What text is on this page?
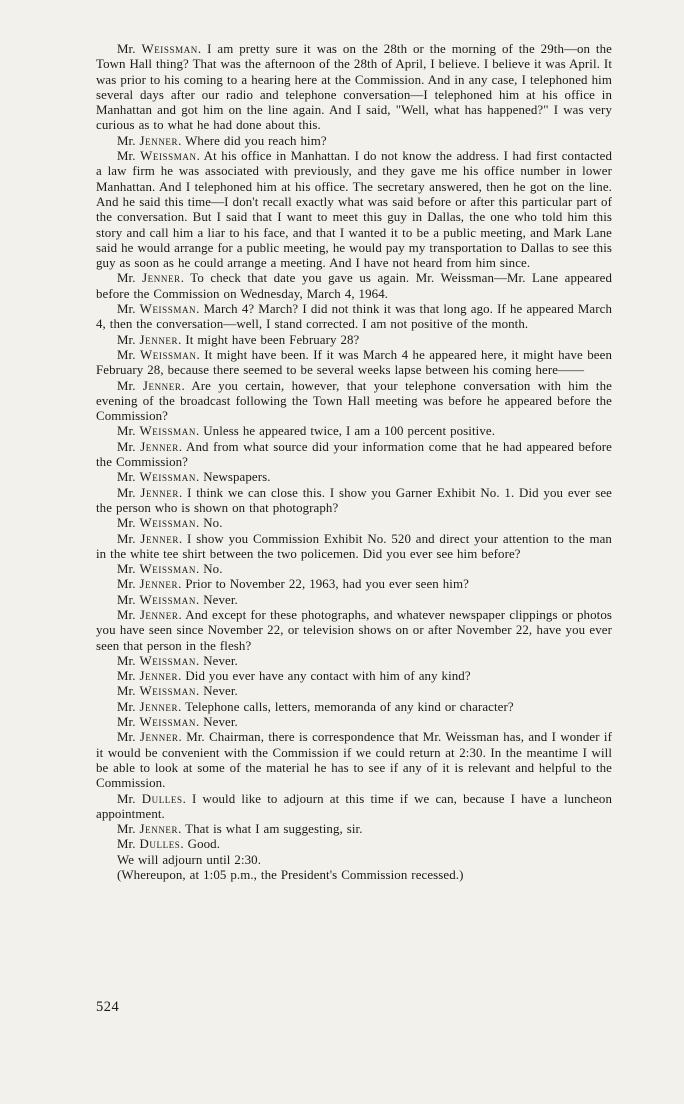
Mr. Weissman. I am pretty sure it was on the 28th or the morning of the 29th—on the Town Hall thing? That was the afternoon of the 28th of April, I believe. I believe it was April. It was prior to his coming to a hearing here at the Commission. And in any case, I telephoned him several days after our radio and telephone conversation—I telephoned him at his office in Manhattan and got him on the line again. And I said, "Well, what has happened?" I was very curious as to what he had done about this.

Mr. Jenner. Where did you reach him?

Mr. Weissman. At his office in Manhattan. I do not know the address. I had first contacted a law firm he was associated with previously, and they gave me his office number in lower Manhattan. And I telephoned him at his office. The secretary answered, then he got on the line. And he said this time—I don't recall exactly what was said before or after this particular part of the conversation. But I said that I want to meet this guy in Dallas, the one who told him this story and call him a liar to his face, and that I wanted it to be a public meeting, and Mark Lane said he would arrange for a public meeting, he would pay my transportation to Dallas to see this guy as soon as he could arrange a meeting. And I have not heard from him since.

Mr. Jenner. To check that date you gave us again. Mr. Weissman—Mr. Lane appeared before the Commission on Wednesday, March 4, 1964.

Mr. Weissman. March 4? March? I did not think it was that long ago. If he appeared March 4, then the conversation—well, I stand corrected. I am not positive of the month.

Mr. Jenner. It might have been February 28?

Mr. Weissman. It might have been. If it was March 4 he appeared here, it might have been February 28, because there seemed to be several weeks lapse between his coming here——

Mr. Jenner. Are you certain, however, that your telephone conversation with him the evening of the broadcast following the Town Hall meeting was before he appeared before the Commission?

Mr. Weissman. Unless he appeared twice, I am a 100 percent positive.

Mr. Jenner. And from what source did your information come that he had appeared before the Commission?

Mr. Weissman. Newspapers.

Mr. Jenner. I think we can close this. I show you Garner Exhibit No. 1. Did you ever see the person who is shown on that photograph?

Mr. Weissman. No.

Mr. Jenner. I show you Commission Exhibit No. 520 and direct your attention to the man in the white tee shirt between the two policemen. Did you ever see him before?

Mr. Weissman. No.

Mr. Jenner. Prior to November 22, 1963, had you ever seen him?

Mr. Weissman. Never.

Mr. Jenner. And except for these photographs, and whatever newspaper clippings or photos you have seen since November 22, or television shows on or after November 22, have you ever seen that person in the flesh?

Mr. Weissman. Never.

Mr. Jenner. Did you ever have any contact with him of any kind?

Mr. Weissman. Never.

Mr. Jenner. Telephone calls, letters, memoranda of any kind or character?

Mr. Weissman. Never.

Mr. Jenner. Mr. Chairman, there is correspondence that Mr. Weissman has, and I wonder if it would be convenient with the Commission if we could return at 2:30. In the meantime I will be able to look at some of the material he has to see if any of it is relevant and helpful to the Commission.

Mr. Dulles. I would like to adjourn at this time if we can, because I have a luncheon appointment.

Mr. Jenner. That is what I am suggesting, sir.

Mr. Dulles. Good.

We will adjourn until 2:30.

(Whereupon, at 1:05 p.m., the President's Commission recessed.)

524
